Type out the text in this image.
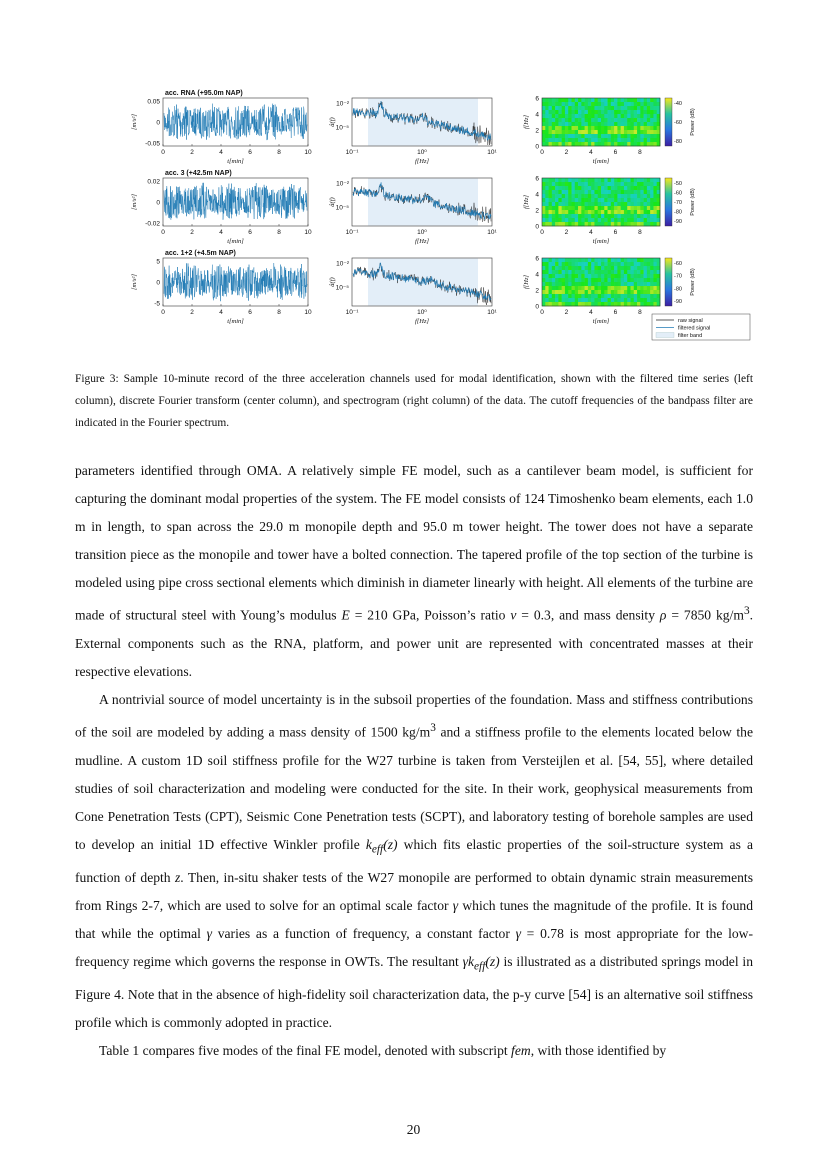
acc. RNA (+95.0m NAP)
0.05
0
-0.05
0	2	4	6	8	10
t[min]
[m/s²]
10⁻²
10⁻⁵
10⁻¹	10⁰	10¹
f[Hz]
â(f)
6
4
2
0
0	2	4	6	8
t[min]
f[Hz]
-40
-60
-80
Power (dB)
acc. 3 (+42.5m NAP)
0.02
0
-0.02
0	2	4	6	8	10
t[min]
[m/s²]
10⁻²
10⁻⁵
10⁻¹	10⁰	10¹
f[Hz]
â(f)
6
4
2
0
0	2	4	6	8
t[min]
f[Hz]
-50
-60
-70
-80
-90
Power (dB)
acc. 1+2 (+4.5m NAP)
5
0
-5
0	2	4	6	8	10
t[min]
[m/s²]
10⁻²
10⁻⁵
10⁻¹	10⁰	10¹
f[Hz]
â(f)
6
4
2
0
0	2	4	6	8
t[min]
f[Hz]
-60
-70
-80
-90
Power (dB)
raw signal
filtered signal
filter band
Figure 3: Sample 10-minute record of the three acceleration channels used for modal identification, shown with the filtered time series (left column), discrete Fourier transform (center column), and spectrogram (right column) of the data. The cutoff frequencies of the bandpass filter are indicated in the Fourier spectrum.

parameters identified through OMA. A relatively simple FE model, such as a cantilever beam model, is sufficient for capturing the dominant modal properties of the system. The FE model consists of 124 Timoshenko beam elements, each 1.0 m in length, to span across the 29.0 m monopile depth and 95.0 m tower height. The tower does not have a separate transition piece as the monopile and tower have a bolted connection. The tapered profile of the top section of the turbine is modeled using pipe cross sectional elements which diminish in diameter linearly with height. All elements of the turbine are made of structural steel with Young’s modulus E = 210 GPa, Poisson’s ratio ν = 0.3, and mass density ρ = 7850 $kg/m^3$. External components such as the RNA, platform, and power unit are represented with concentrated masses at their respective elevations.

A nontrivial source of model uncertainty is in the subsoil properties of the foundation. Mass and stiffness contributions of the soil are modeled by adding a mass density of 1500 $kg/m^3$ and a stiffness profile to the elements located below the mudline. A custom 1D soil stiffness profile for the W27 turbine is taken from Versteijlen et al. [54, 55], where detailed studies of soil characterization and modeling were conducted for the site. In their work, geophysical measurements from Cone Penetration Tests (CPT), Seismic Cone Penetration tests (SCPT), and laboratory testing of borehole samples are used to develop an initial 1D effective Winkler profile $k_{eff}(z)$ which fits elastic properties of the soil-structure system as a function of depth z. Then, in-situ shaker tests of the W27 monopile are performed to obtain dynamic strain measurements from Rings 2-7, which are used to solve for an optimal scale factor γ which tunes the magnitude of the profile. It is found that while the optimal γ varies as a function of frequency, a constant factor γ = 0.78 is most appropriate for the low-frequency regime which governs the response in OWTs. The resultant $\gamma k_{eff}(z)$ is illustrated as a distributed springs model in Figure 4. Note that in the absence of high-fidelity soil characterization data, the p-y curve [54] is an alternative soil stiffness profile which is commonly adopted in practice.

Table 1 compares five modes of the final FE model, denoted with subscript fem, with those identified by

20
